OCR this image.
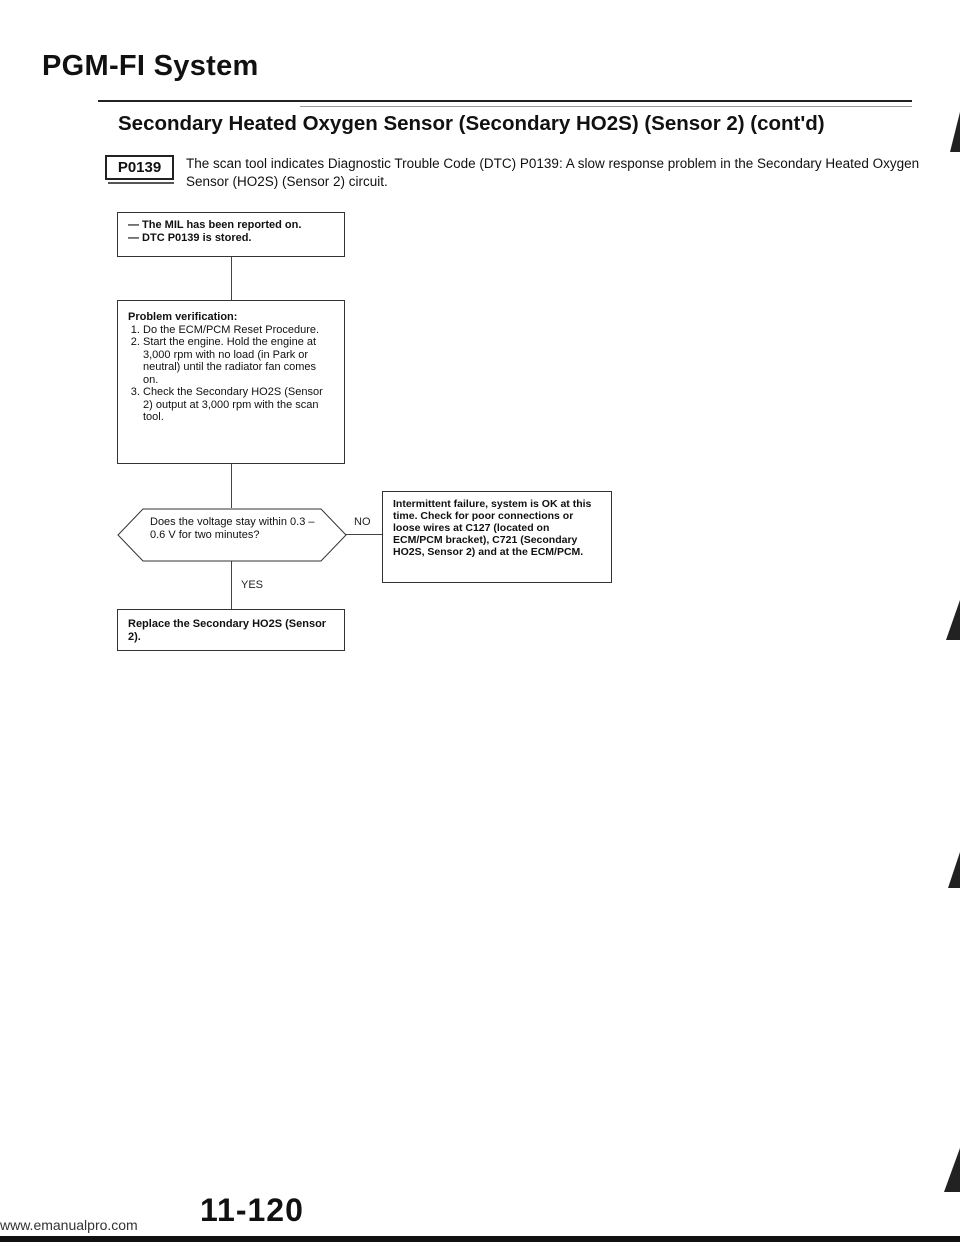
PGM-FI System
Secondary Heated Oxygen Sensor (Secondary HO2S) (Sensor 2) (cont'd)
P0139	The scan tool indicates Diagnostic Trouble Code (DTC) P0139: A slow response problem in the Secondary Heated Oxygen Sensor (HO2S) (Sensor 2) circuit.
— The MIL has been reported on.
— DTC P0139 is stored.
Problem verification:
1. Do the ECM/PCM Reset Procedure.
2. Start the engine. Hold the engine at 3,000 rpm with no load (in Park or neutral) until the radiator fan comes on.
3. Check the Secondary HO2S (Sensor 2) output at 3,000 rpm with the scan tool.
Does the voltage stay within 0.3 – 0.6 V for two minutes?
NO
YES
Intermittent failure, system is OK at this time. Check for poor connections or loose wires at C127 (located on ECM/PCM bracket), C721 (Secondary HO2S, Sensor 2) and at the ECM/PCM.
Replace the Secondary HO2S (Sensor 2).
11-120
www.emanualpro.com
